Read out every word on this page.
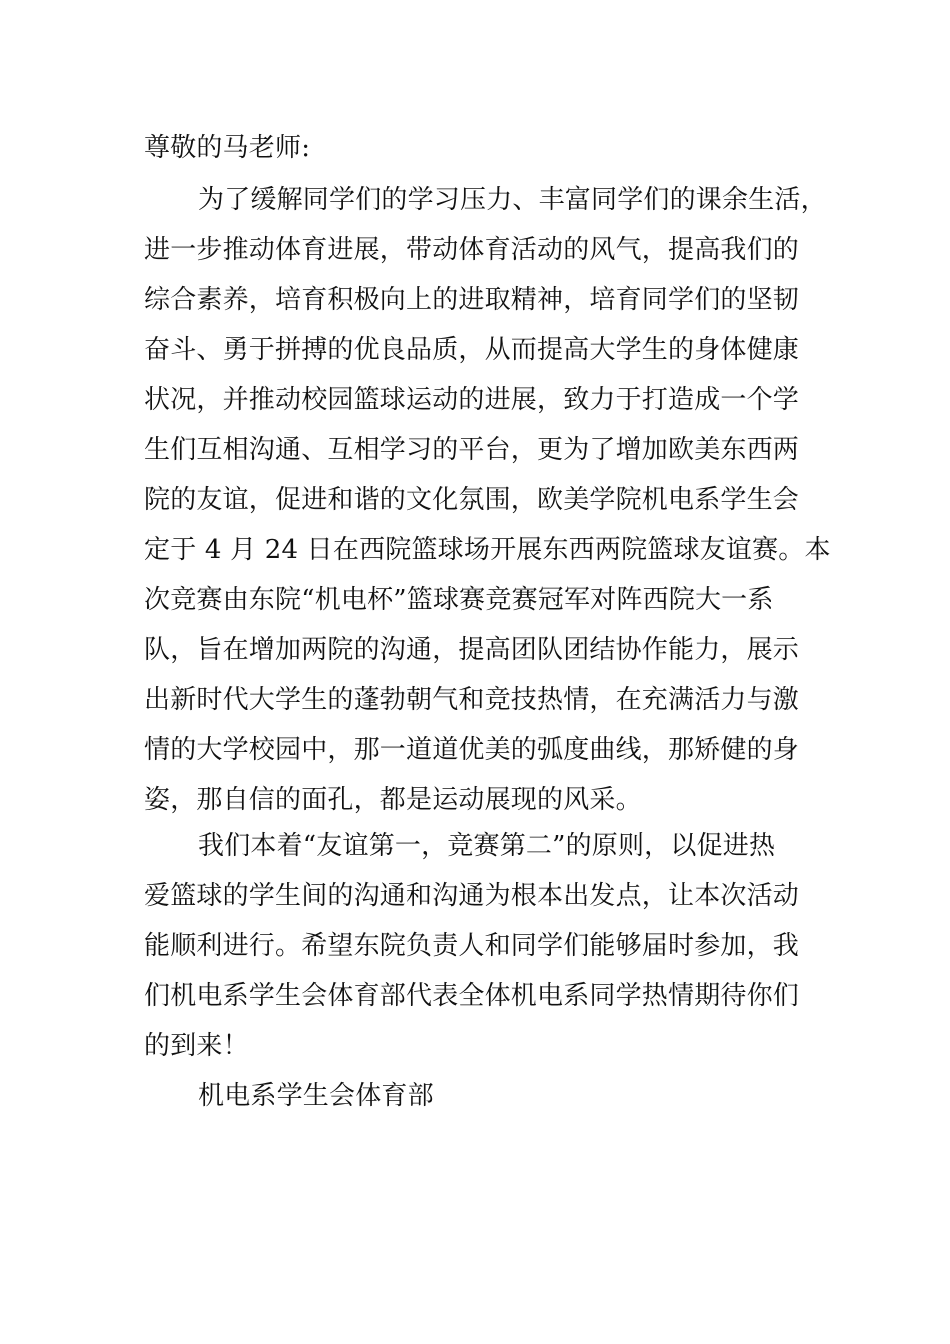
尊敬的马老师:

为了缓解同学们的学习压力、丰富同学们的课余生活，

进一步推动体育进展，带动体育活动的风气，提高我们的

综合素养，培育积极向上的进取精神，培育同学们的坚韧

奋斗、勇于拼搏的优良品质，从而提高大学生的身体健康

状况，并推动校园篮球运动的进展，致力于打造成一个学

生们互相沟通、互相学习的平台，更为了增加欧美东西两

院的友谊，促进和谐的文化氛围，欧美学院机电系学生会

定于 4 月 24 日在西院篮球场开展东西两院篮球友谊赛。本

次竞赛由东院“机电杯”篮球赛竞赛冠军对阵西院大一系

队，旨在增加两院的沟通，提高团队团结协作能力，展示

出新时代大学生的蓬勃朝气和竞技热情，在充满活力与激

情的大学校园中，那一道道优美的弧度曲线，那矫健的身

姿，那自信的面孔，都是运动展现的风采。

我们本着“友谊第一，竞赛第二”的原则，以促进热

爱篮球的学生间的沟通和沟通为根本出发点，让本次活动

能顺利进行。希望东院负责人和同学们能够届时参加，我

们机电系学生会体育部代表全体机电系同学热情期待你们

的到来！

机电系学生会体育部
